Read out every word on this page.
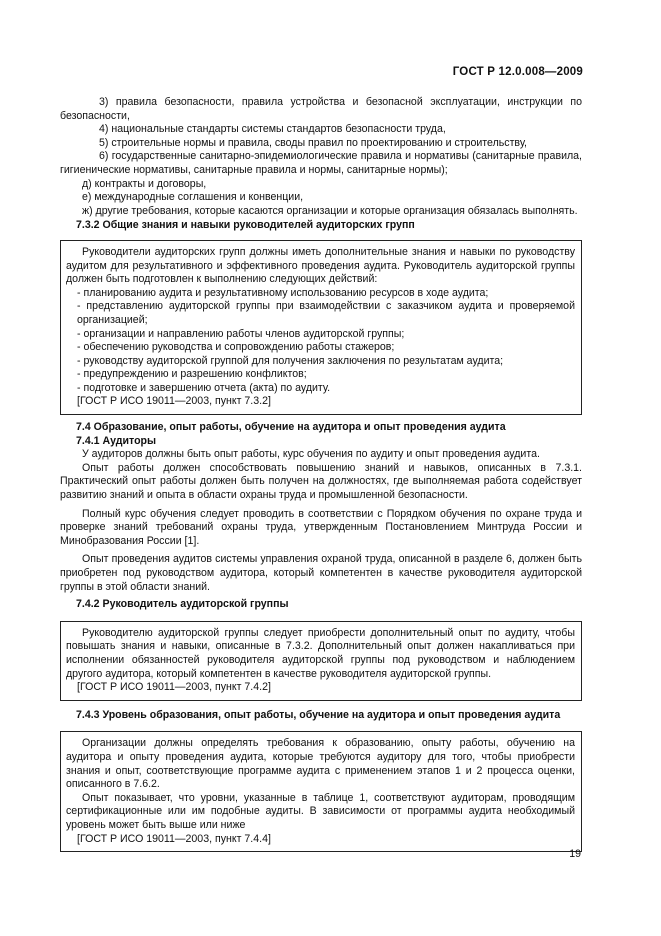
ГОСТ Р 12.0.008—2009

3) правила безопасности, правила устройства и безопасной эксплуатации, инструкции по безопасности,

4) национальные стандарты системы стандартов безопасности труда,

5) строительные нормы и правила, своды правил по проектированию и строительству,

6) государственные санитарно-эпидемиологические правила и нормативы (санитарные правила, гигиенические нормативы, санитарные правила и нормы, санитарные нормы);

д) контракты и договоры,

е) международные соглашения и конвенции,

ж) другие требования, которые касаются организации и которые организация обязалась выполнять.

7.3.2 Общие знания и навыки руководителей аудиторских групп

Руководители аудиторских групп должны иметь дополнительные знания и навыки по руководству аудитом для результативного и эффективного проведения аудита. Руководитель аудиторской группы должен быть подготовлен к выполнению следующих действий:

- планированию аудита и результативному использованию ресурсов в ходе аудита;

- представлению аудиторской группы при взаимодействии с заказчиком аудита и проверяемой организацией;

- организации и направлению работы членов аудиторской группы;

- обеспечению руководства и сопровождению работы стажеров;

- руководству аудиторской группой для получения заключения по результатам аудита;

- предупреждению и разрешению конфликтов;

- подготовке и завершению отчета (акта) по аудиту.

[ГОСТ Р ИСО 19011—2003, пункт 7.3.2]

7.4 Образование, опыт работы, обучение на аудитора и опыт проведения аудита

7.4.1 Аудиторы

У аудиторов должны быть опыт работы, курс обучения по аудиту и опыт проведения аудита.

Опыт работы должен способствовать повышению знаний и навыков, описанных в 7.3.1. Практический опыт работы должен быть получен на должностях, где выполняемая работа содействует развитию знаний и опыта в области охраны труда и промышленной безопасности.

Полный курс обучения следует проводить в соответствии с Порядком обучения по охране труда и проверке знаний требований охраны труда, утвержденным Постановлением Минтруда России и Минобразования России [1].

Опыт проведения аудитов системы управления охраной труда, описанной в разделе 6, должен быть приобретен под руководством аудитора, который компетентен в качестве руководителя аудиторской группы в этой области знаний.

7.4.2 Руководитель аудиторской группы

Руководителю аудиторской группы следует приобрести дополнительный опыт по аудиту, чтобы повышать знания и навыки, описанные в 7.3.2. Дополнительный опыт должен накапливаться при исполнении обязанностей руководителя аудиторской группы под руководством и наблюдением другого аудитора, который компетентен в качестве руководителя аудиторской группы.

[ГОСТ Р ИСО 19011—2003, пункт 7.4.2]

7.4.3 Уровень образования, опыт работы, обучение на аудитора и опыт проведения аудита

Организации должны определять требования к образованию, опыту работы, обучению на аудитора и опыту проведения аудита, которые требуются аудитору для того, чтобы приобрести знания и опыт, соответствующие программе аудита с применением этапов 1 и 2 процесса оценки, описанного в 7.6.2.

Опыт показывает, что уровни, указанные в таблице 1, соответствуют аудиторам, проводящим сертификационные или им подобные аудиты. В зависимости от программы аудита необходимый уровень может быть выше или ниже

[ГОСТ Р ИСО 19011—2003, пункт 7.4.4]

19
